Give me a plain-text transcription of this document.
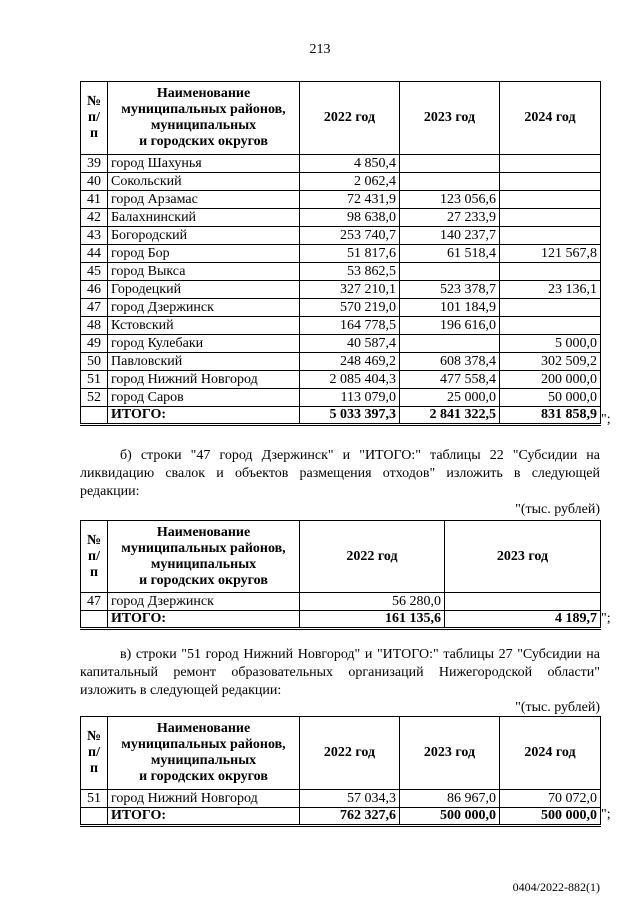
213
№ п/п	Наименование
муниципальных районов,
муниципальных
и городских округов	2022 год	2023 год	2024 год
39	город Шахунья	4 850,4		
40	Сокольский	2 062,4		
41	город Арзамас	72 431,9	123 056,6	
42	Балахнинский	98 638,0	27 233,9	
43	Богородский	253 740,7	140 237,7	
44	город Бор	51 817,6	61 518,4	121 567,8
45	город Выкса	53 862,5		
46	Городецкий	327 210,1	523 378,7	23 136,1
47	город Дзержинск	570 219,0	101 184,9	
48	Кстовский	164 778,5	196 616,0	
49	город Кулебаки	40 587,4		5 000,0
50	Павловский	248 469,2	608 378,4	302 509,2
51	город Нижний Новгород	2 085 404,3	477 558,4	200 000,0
52	город Саров	113 079,0	25 000,0	50 000,0
	ИТОГО:	5 033 397,3	2 841 322,5	831 858,9 ";
б) строки "47 город Дзержинск" и "ИТОГО:" таблицы 22 "Субсидии на ликвидацию свалок и объектов размещения отходов" изложить в следующей редакции:
"(тыс. рублей)
№ п/п	Наименование
муниципальных районов,
муниципальных
и городских округов	2022 год	2023 год
47	город Дзержинск	56 280,0	
	ИТОГО:	161 135,6	4 189,7 ";
в) строки "51 город Нижний Новгород" и "ИТОГО:" таблицы 27 "Субсидии на капитальный ремонт образовательных организаций Нижегородской области" изложить в следующей редакции:
"(тыс. рублей)
№ п/п	Наименование
муниципальных районов,
муниципальных
и городских округов	2022 год	2023 год	2024 год
51	город Нижний Новгород	57 034,3	86 967,0	70 072,0
	ИТОГО:	762 327,6	500 000,0	500 000,0 ";
0404/2022-882(1)
